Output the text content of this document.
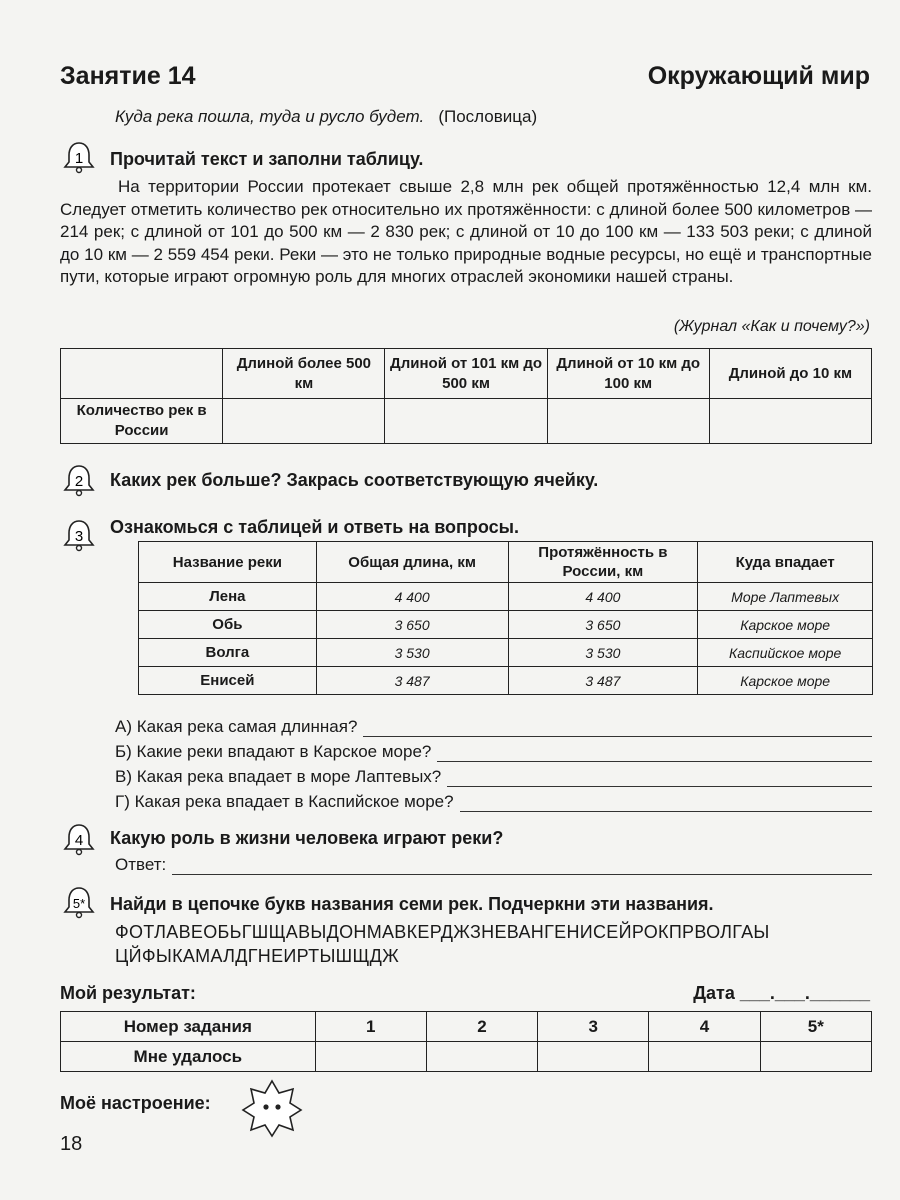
Занятие 14	Окружающий мир
Куда река пошла, туда и русло будет. (Пословица)
1 Прочитай текст и заполни таблицу.

На территории России протекает свыше 2,8 млн рек общей протяжённостью 12,4 млн км. Следует отметить количество рек относительно их протяжённости: с длиной более 500 километров — 214 рек; с длиной от 101 до 500 км — 2 830 рек; с длиной от 10 до 100 км — 133 503 реки; с длиной до 10 км — 2 559 454 реки. Реки — это не только природные водные ресурсы, но ещё и транспортные пути, которые играют огромную роль для многих отраслей экономики нашей страны.

(Журнал «Как и почему?»)
	Длиной более 500 км	Длиной от 101 км до 500 км	Длиной от 10 км до 100 км	Длиной до 10 км
Количество рек в России				
2 Каких рек больше? Закрась соответствующую ячейку.
3 Ознакомься с таблицей и ответь на вопросы.
Название реки	Общая длина, км	Протяжённость в России, км	Куда впадает
Лена	4 400	4 400	Море Лаптевых
Обь	3 650	3 650	Карское море
Волга	3 530	3 530	Каспийское море
Енисей	3 487	3 487	Карское море
А) Какая река самая длинная?
Б) Какие реки впадают в Карское море?
В) Какая река впадает в море Лаптевых?
Г) Какая река впадает в Каспийское море?
4 Какую роль в жизни человека играют реки?
Ответ:
5* Найди в цепочке букв названия семи рек. Подчеркни эти названия.
ФОТЛАВЕОБЬГШЩАВЫДОНМАВКЕРДЖЗНЕВАНГЕНИСЕЙРОКПРВОЛГАЫ
ЦЙФЫКАМАЛДГНЕИРТЫШЩДЖ
Мой результат:	Дата ___.___.______
Номер задания	1	2	3	4	5*
Мне удалось					
Моё настроение:
18
